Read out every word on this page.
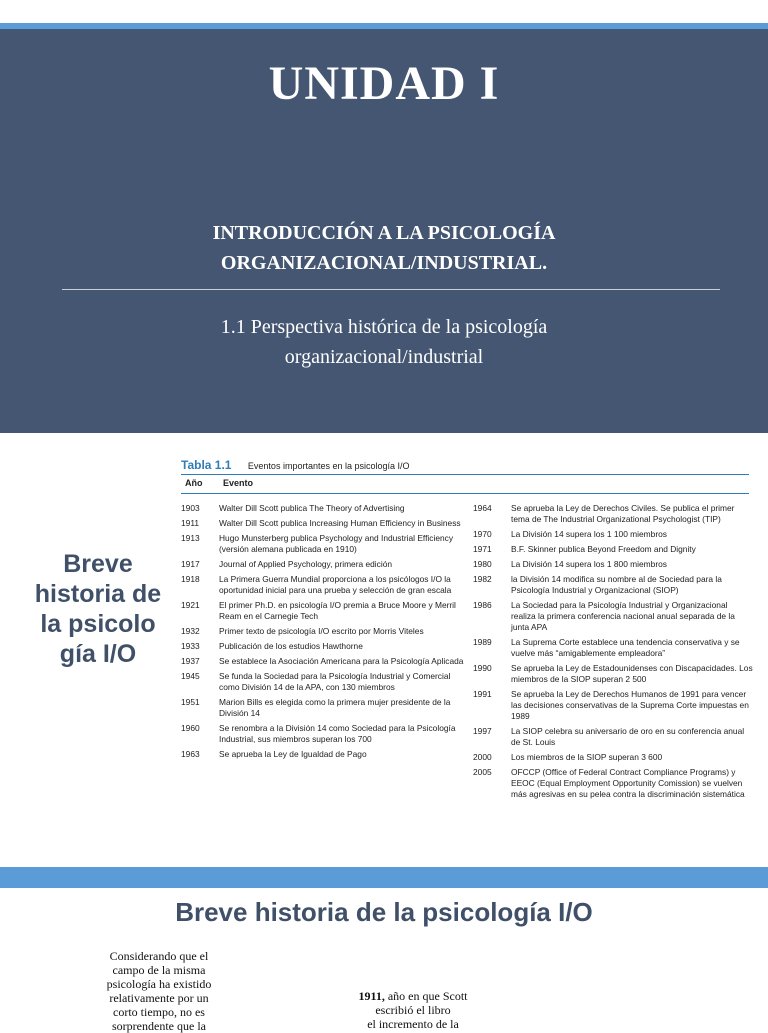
UNIDAD I
INTRODUCCIÓN A LA PSICOLOGÍA
ORGANIZACIONAL/INDUSTRIAL.
1.1 Perspectiva histórica de la psicología
organizacional/industrial
Breve historia de la psicolo gía I/O
Tabla 1.1 Eventos importantes en la psicología I/O
Año Evento
1903	Walter Dill Scott publica The Theory of Advertising
1911	Walter Dill Scott publica Increasing Human Efficiency in Business
1913	Hugo Munsterberg publica Psychology and Industrial Efficiency (versión alemana publicada en 1910)
1917	Journal of Applied Psychology, primera edición
1918	La Primera Guerra Mundial proporciona a los psicólogos I/O la oportunidad inicial para una prueba y selección de gran escala
1921	El primer Ph.D. en psicología I/O premia a Bruce Moore y Merril Ream en el Carnegie Tech
1932	Primer texto de psicología I/O escrito por Morris Viteles
1933	Publicación de los estudios Hawthorne
1937	Se establece la Asociación Americana para la Psicología Aplicada
1945	Se funda la Sociedad para la Psicología Industrial y Comercial como División 14 de la APA, con 130 miembros
1951	Marion Bills es elegida como la primera mujer presidente de la División 14
1960	Se renombra a la División 14 como Sociedad para la Psicología Industrial, sus miembros superan los 700
1963	Se aprueba la Ley de Igualdad de Pago
1964	Se aprueba la Ley de Derechos Civiles. Se publica el primer tema de The Industrial Organizational Psychologist (TIP)
1970	La División 14 supera los 1 100 miembros
1971	B.F. Skinner publica Beyond Freedom and Dignity
1980	La División 14 supera los 1 800 miembros
1982	la División 14 modifica su nombre al de Sociedad para la Psicología Industrial y Organizacional (SIOP)
1986	La Sociedad para la Psicología Industrial y Organizacional realiza la primera conferencia nacional anual separada de la junta APA
1989	La Suprema Corte establece una tendencia conservativa y se vuelve más “amigablemente empleadora”
1990	Se aprueba la Ley de Estadounidenses con Discapacidades. Los miembros de la SIOP superan 2 500
1991	Se aprueba la Ley de Derechos Humanos de 1991 para vencer las decisiones conservativas de la Suprema Corte impuestas en 1989
1997	La SIOP celebra su aniversario de oro en su conferencia anual de St. Louis
2000	Los miembros de la SIOP superan 3 600
2005	OFCCP (Office of Federal Contract Compliance Programs) y EEOC (Equal Employment Opportunity Comission) se vuelven más agresivas en su pelea contra la discriminación sistemática
Breve historia de la psicología I/O
Considerando que el campo de la misma psicología ha existido relativamente por un corto tiempo, no es sorprendente que la
1911, año en que Scott escribió el libro
el incremento de la
